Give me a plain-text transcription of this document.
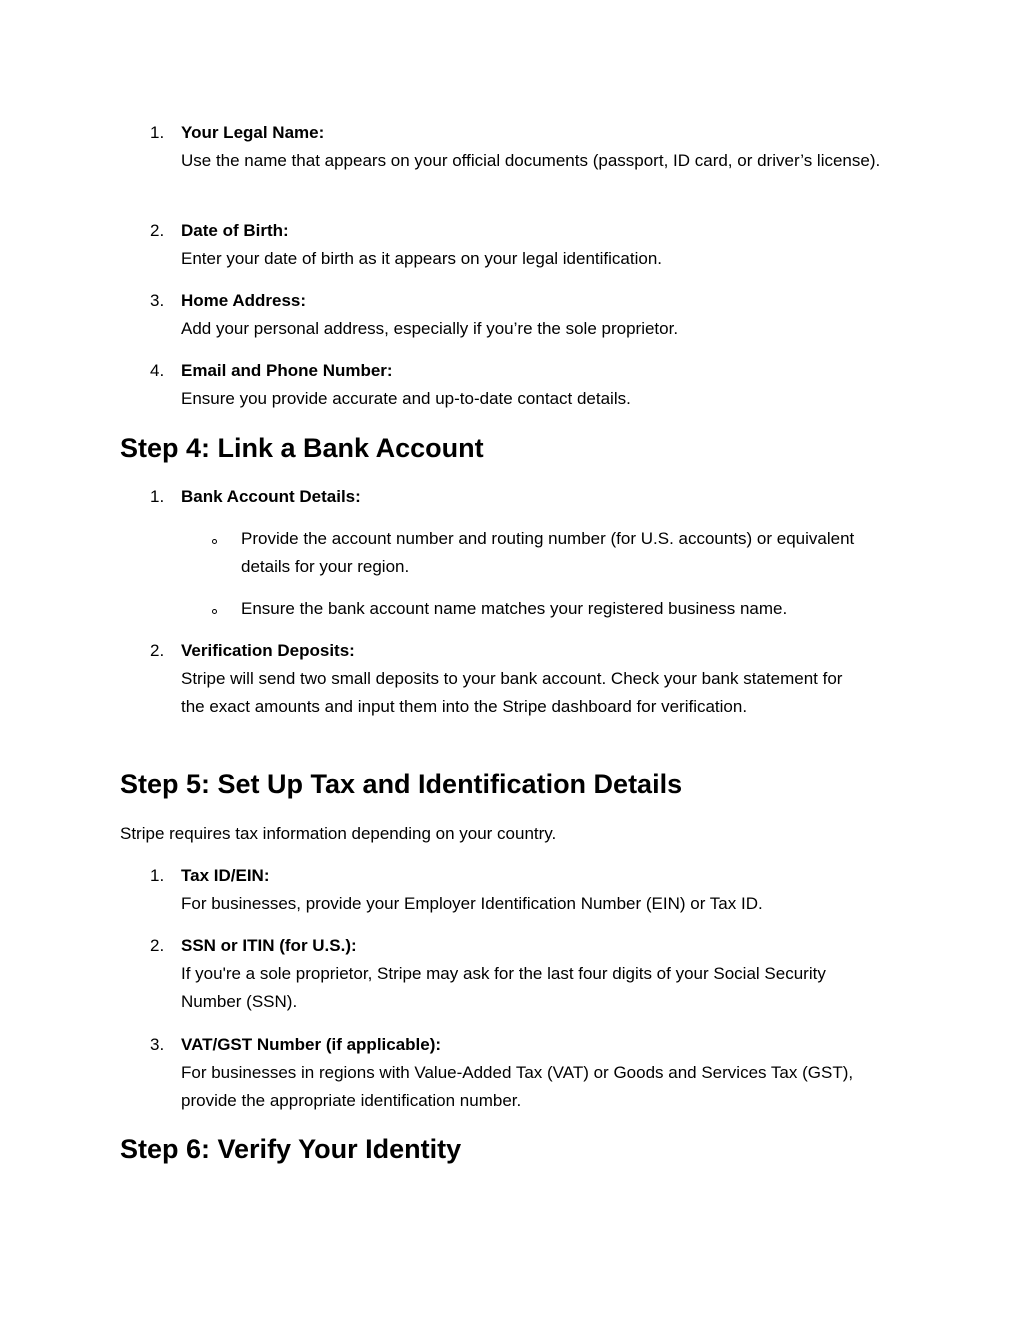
1. Your Legal Name:

Use the name that appears on your official documents (passport, ID card, or driver’s license).

2. Date of Birth:

Enter your date of birth as it appears on your legal identification.

3. Home Address:

Add your personal address, especially if you’re the sole proprietor.

4. Email and Phone Number:

Ensure you provide accurate and up-to-date contact details.

Step 4: Link a Bank Account
1. Bank Account Details:

Provide the account number and routing number (for U.S. accounts) or equivalent details for your region.

Ensure the bank account name matches your registered business name.

2. Verification Deposits:

Stripe will send two small deposits to your bank account. Check your bank statement for the exact amounts and input them into the Stripe dashboard for verification.

Step 5: Set Up Tax and Identification Details

Stripe requires tax information depending on your country.

1. Tax ID/EIN:

For businesses, provide your Employer Identification Number (EIN) or Tax ID.

2. SSN or ITIN (for U.S.):

If you're a sole proprietor, Stripe may ask for the last four digits of your Social Security Number (SSN).

3. VAT/GST Number (if applicable):

For businesses in regions with Value-Added Tax (VAT) or Goods and Services Tax (GST), provide the appropriate identification number.

Step 6: Verify Your Identity
